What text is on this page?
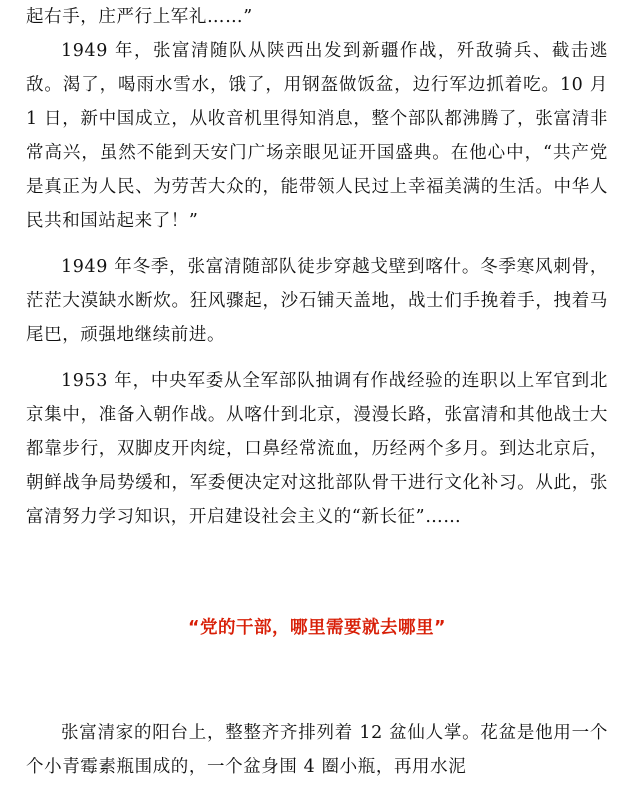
起右手，庄严行上军礼……”

1949 年，张富清随队从陕西出发到新疆作战，歼敌骑兵、截击逃敌。渴了，喝雨水雪水，饿了，用钢盔做饭盆，边行军边抓着吃。10 月 1 日，新中国成立，从收音机里得知消息，整个部队都沸腾了，张富清非常高兴，虽然不能到天安门广场亲眼见证开国盛典。在他心中，“共产党是真正为人民、为劳苦大众的，能带领人民过上幸福美满的生活。中华人民共和国站起来了！”

1949 年冬季，张富清随部队徒步穿越戈壁到喀什。冬季寒风刺骨，茫茫大漠缺水断炊。狂风骤起，沙石铺天盖地，战士们手挽着手，拽着马尾巴，顽强地继续前进。

1953 年，中央军委从全军部队抽调有作战经验的连职以上军官到北京集中，准备入朝作战。从喀什到北京，漫漫长路，张富清和其他战士大都靠步行，双脚皮开肉绽，口鼻经常流血，历经两个多月。到达北京后，朝鲜战争局势缓和，军委便决定对这批部队骨干进行文化补习。从此，张富清努力学习知识，开启建设社会主义的“新长征”……

“党的干部，哪里需要就去哪里”

张富清家的阳台上，整整齐齐排列着 12 盆仙人掌。花盆是他用一个个小青霉素瓶围成的，一个盆身围 4 圈小瓶，再用水泥
